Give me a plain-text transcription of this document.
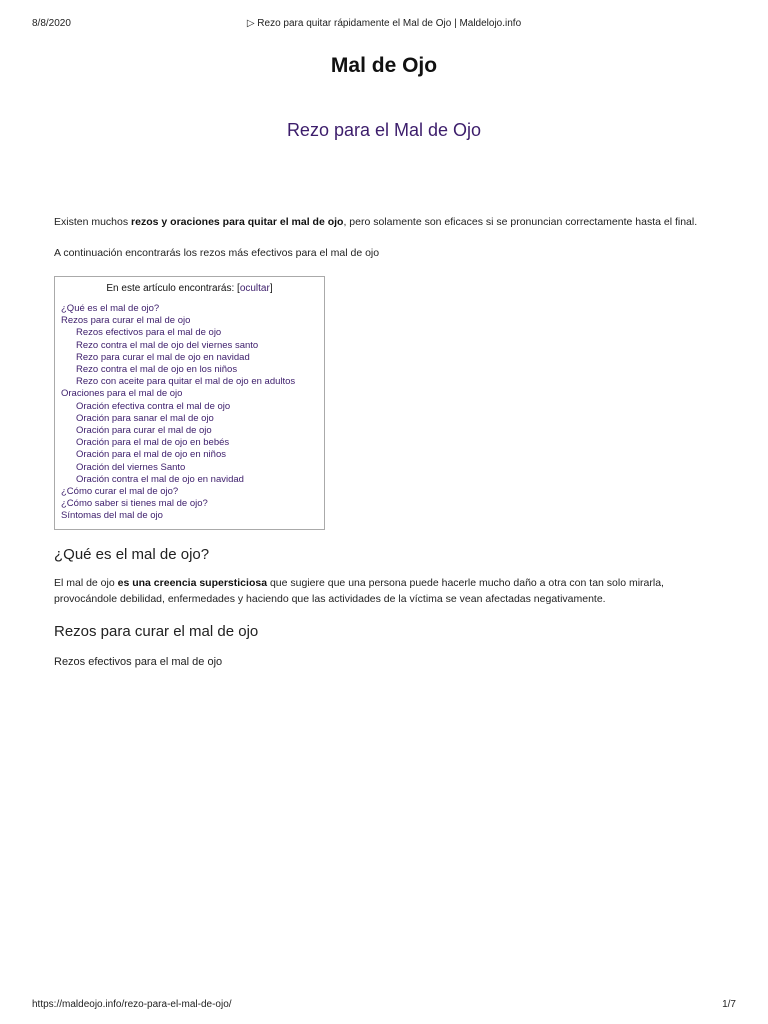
8/8/2020	▷ Rezo para quitar rápidamente el Mal de Ojo | Maldelojo.info
Mal de Ojo
Rezo para el Mal de Ojo

Existen muchos rezos y oraciones para quitar el mal de ojo, pero solamente son eficaces si se pronuncian correctamente hasta el final.

A continuación encontrarás los rezos más efectivos para el mal de ojo

En este artículo encontrarás: [ocultar]
¿Qué es el mal de ojo?
Rezos para curar el mal de ojo
Rezos efectivos para el mal de ojo
Rezo contra el mal de ojo del viernes santo
Rezo para curar el mal de ojo en navidad
Rezo contra el mal de ojo en los niños
Rezo con aceite para quitar el mal de ojo en adultos
Oraciones para el mal de ojo
Oración efectiva contra el mal de ojo
Oración para sanar el mal de ojo
Oración para curar el mal de ojo
Oración para el mal de ojo en bebés
Oración para el mal de ojo en niños
Oración del viernes Santo
Oración contra el mal de ojo en navidad
¿Cómo curar el mal de ojo?
¿Cómo saber si tienes mal de ojo?
Síntomas del mal de ojo
¿Qué es el mal de ojo?

El mal de ojo es una creencia supersticiosa que sugiere que una persona puede hacerle mucho daño a otra con tan solo mirarla, provocándole debilidad, enfermedades y haciendo que las actividades de la víctima se vean afectadas negativamente.

Rezos para curar el mal de ojo
Rezos efectivos para el mal de ojo
https://maldeojo.info/rezo-para-el-mal-de-ojo/	1/7
